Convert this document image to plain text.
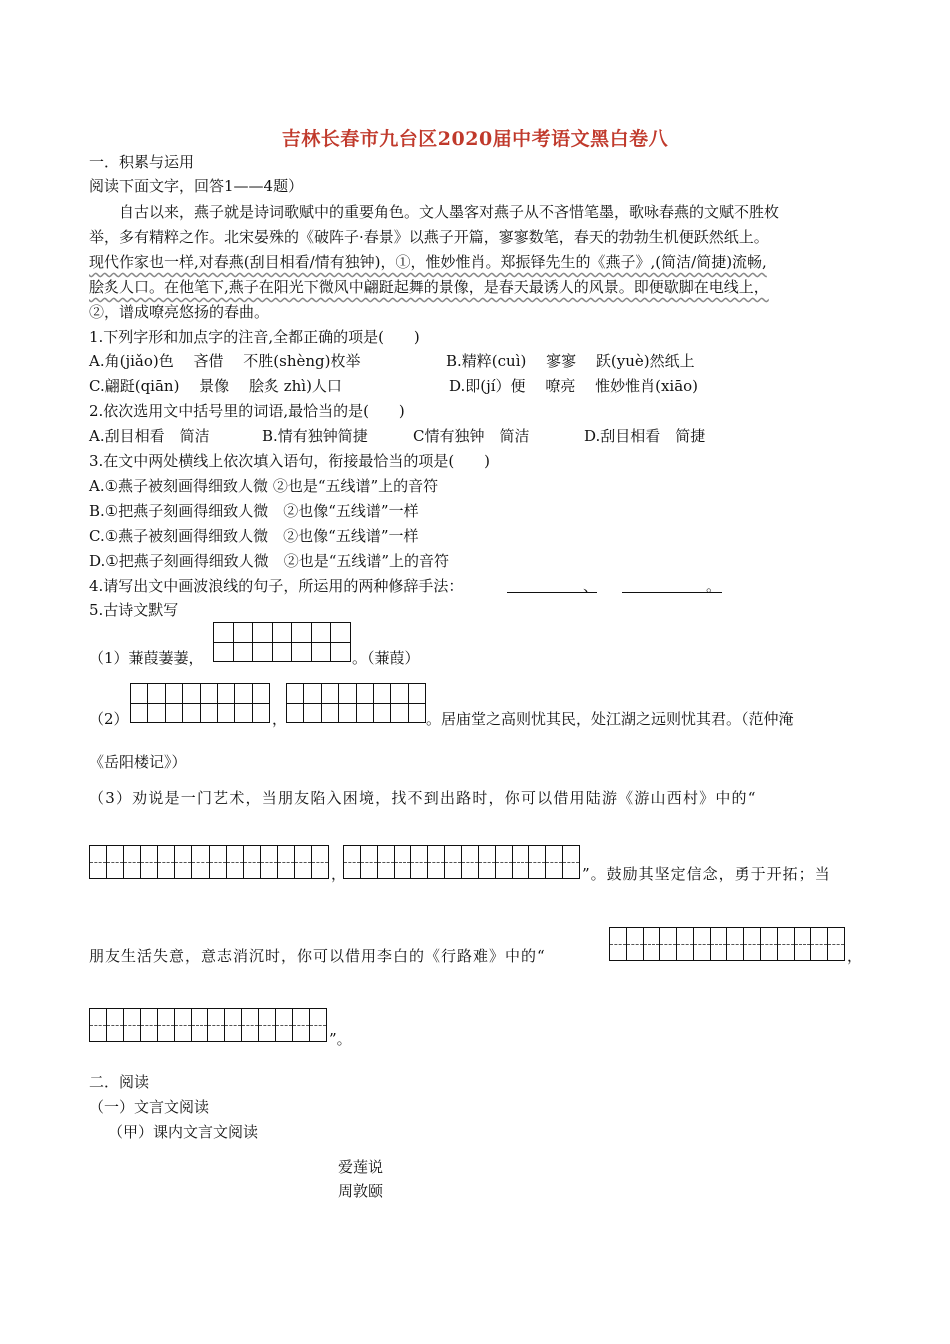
吉林长春市九台区2020届中考语文黑白卷八
一．积累与运用
阅读下面文字，回答1——4题）
　　自古以来，燕子就是诗词歌赋中的重要角色。文人墨客对燕子从不吝惜笔墨，歌咏春燕的文赋不胜枚
举，多有精粹之作。北宋晏殊的《破阵子·春景》以燕子开篇，寥寥数笔，春天的勃勃生机便跃然纸上。
现代作家也一样,对春燕(刮目相看/情有独钟)，①，惟妙惟肖。郑振铎先生的《燕子》,(简洁/简捷)流畅,
脍炙人口。在他笔下,燕子在阳光下微风中翩跹起舞的景像，是春天最诱人的风景。即便歇脚在电线上，
②，谱成嘹亮悠扬的春曲。
1.下列字形和加点字的注音,全都正确的项是(　　)
A.角(jiǎo)色　 吝借　 不胜(shèng)枚举	B.精粹(cuì)　 寥寥　 跃(yuè)然纸上
C.翩跹(qiān)　 景像　 脍炙 zhì)人口	D.即(jí）便　 嘹亮　 惟妙惟肖(xiāo)
2.依次选用文中括号里的词语,最恰当的是(　　)
A.刮目相看　简洁	B.情有独钟简捷	C情有独钟　简洁	D.刮目相看　简捷
3.在文中两处横线上依次填入语句，衔接最恰当的项是(　　)
A.①燕子被刻画得细致人微 ②也是“五线谱”上的音符
B.①把燕子刻画得细致人微　②也像“五线谱”一样
C.①燕子被刻画得细致人微　②也像“五线谱”一样
D.①把燕子刻画得细致人微　②也是“五线谱”上的音符
4.请写出文中画波浪线的句子，所运用的两种修辞手法：	、	。
5.古诗文默写
（1）蒹葭萋萋，	。（蒹葭）
（2）	，	。居庙堂之高则忧其民，处江湖之远则忧其君。（范仲淹
《岳阳楼记》）
（3）劝说是一门艺术，当朋友陷入困境，找不到出路时，你可以借用陆游《游山西村》中的“
，	”。鼓励其坚定信念，勇于开拓；当
朋友生活失意，意志消沉时，你可以借用李白的《行路难》中的“	，
”。
二．阅读
（一）文言文阅读
（甲）课内文言文阅读
爱莲说
周敦颐
